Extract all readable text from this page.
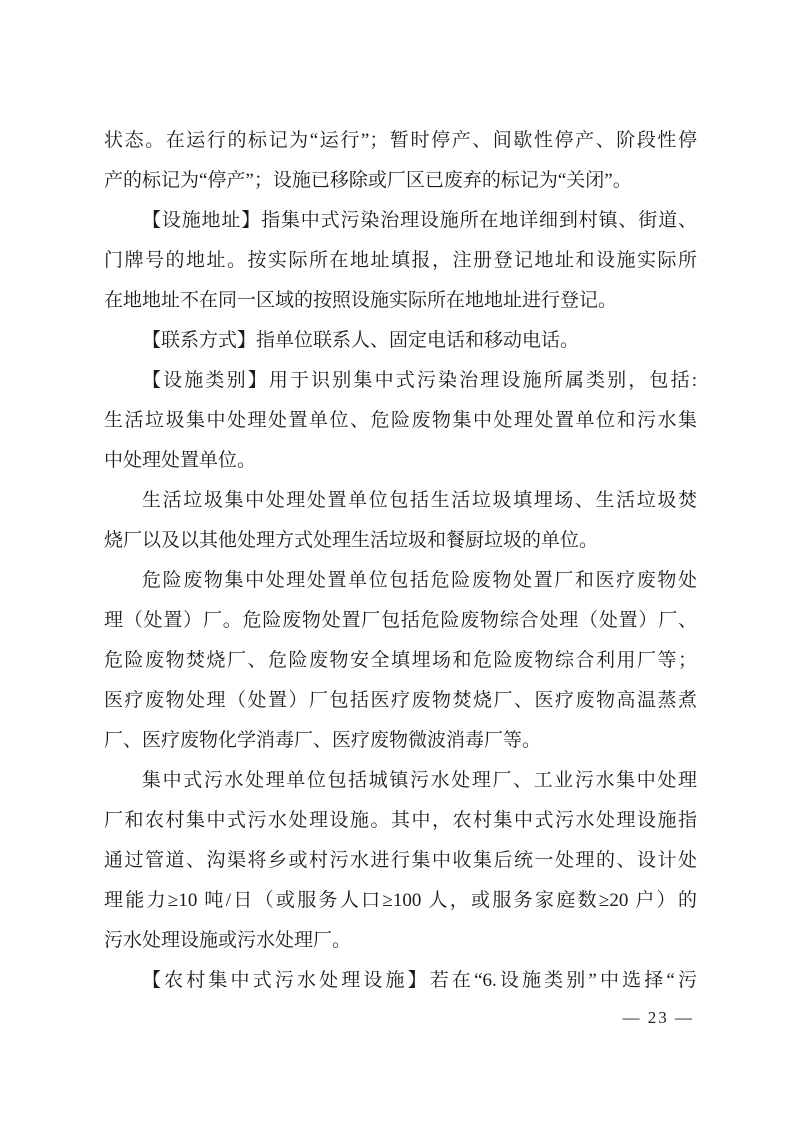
状态。在运行的标记为“运行”；暂时停产、间歇性停产、阶段性停
产的标记为“停产”；设施已移除或厂区已废弃的标记为“关闭”。
【设施地址】指集中式污染治理设施所在地详细到村镇、街道、
门牌号的地址。按实际所在地址填报，注册登记地址和设施实际所
在地地址不在同一区域的按照设施实际所在地地址进行登记。
【联系方式】指单位联系人、固定电话和移动电话。
【设施类别】用于识别集中式污染治理设施所属类别，包括:
生活垃圾集中处理处置单位、危险废物集中处理处置单位和污水集
中处理处置单位。
生活垃圾集中处理处置单位包括生活垃圾填埋场、生活垃圾焚
烧厂以及以其他处理方式处理生活垃圾和餐厨垃圾的单位。
危险废物集中处理处置单位包括危险废物处置厂和医疗废物处
理（处置）厂。危险废物处置厂包括危险废物综合处理（处置）厂、
危险废物焚烧厂、危险废物安全填埋场和危险废物综合利用厂等；
医疗废物处理（处置）厂包括医疗废物焚烧厂、医疗废物高温蒸煮
厂、医疗废物化学消毒厂、医疗废物微波消毒厂等。
集中式污水处理单位包括城镇污水处理厂、工业污水集中处理
厂和农村集中式污水处理设施。其中，农村集中式污水处理设施指
通过管道、沟渠将乡或村污水进行集中收集后统一处理的、设计处
理能力≥10 吨/日（或服务人口≥100 人，或服务家庭数≥20 户）的
污水处理设施或污水处理厂。
【农村集中式污水处理设施】若在“6.设施类别”中选择“污
— 23 —
